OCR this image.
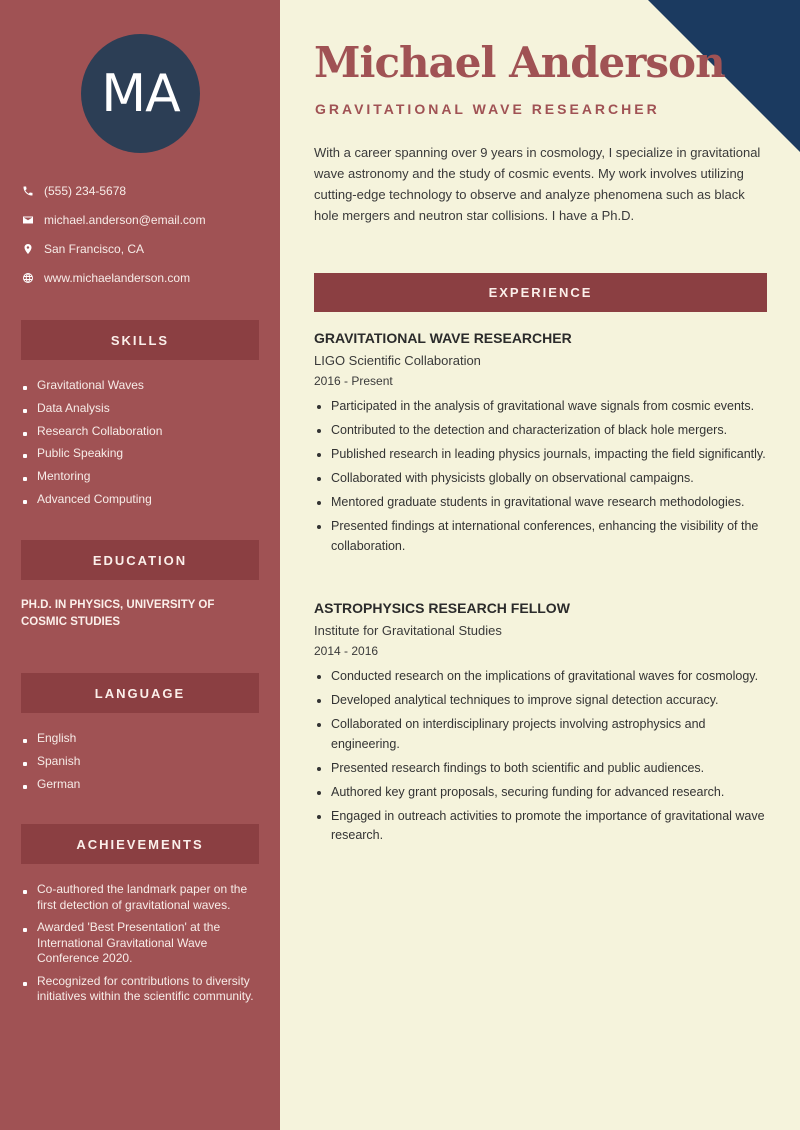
MA
(555) 234-5678
michael.anderson@email.com
San Francisco, CA
www.michaelanderson.com
SKILLS
Gravitational Waves
Data Analysis
Research Collaboration
Public Speaking
Mentoring
Advanced Computing
EDUCATION
PH.D. IN PHYSICS, UNIVERSITY OF COSMIC STUDIES
LANGUAGE
English
Spanish
German
ACHIEVEMENTS
Co-authored the landmark paper on the first detection of gravitational waves.
Awarded 'Best Presentation' at the International Gravitational Wave Conference 2020.
Recognized for contributions to diversity initiatives within the scientific community.
Michael Anderson
GRAVITATIONAL WAVE RESEARCHER

With a career spanning over 9 years in cosmology, I specialize in gravitational wave astronomy and the study of cosmic events. My work involves utilizing cutting-edge technology to observe and analyze phenomena such as black hole mergers and neutron star collisions. I have a Ph.D.

EXPERIENCE
GRAVITATIONAL WAVE RESEARCHER
LIGO Scientific Collaboration
2016 - Present
Participated in the analysis of gravitational wave signals from cosmic events.
Contributed to the detection and characterization of black hole mergers.
Published research in leading physics journals, impacting the field significantly.
Collaborated with physicists globally on observational campaigns.
Mentored graduate students in gravitational wave research methodologies.
Presented findings at international conferences, enhancing the visibility of the collaboration.
ASTROPHYSICS RESEARCH FELLOW
Institute for Gravitational Studies
2014 - 2016
Conducted research on the implications of gravitational waves for cosmology.
Developed analytical techniques to improve signal detection accuracy.
Collaborated on interdisciplinary projects involving astrophysics and engineering.
Presented research findings to both scientific and public audiences.
Authored key grant proposals, securing funding for advanced research.
Engaged in outreach activities to promote the importance of gravitational wave research.
